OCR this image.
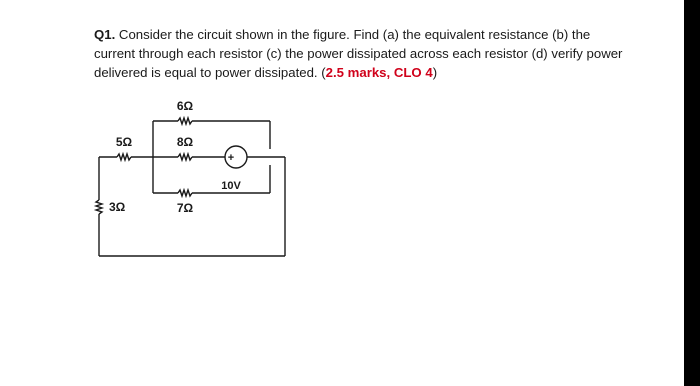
Q1. Consider the circuit shown in the figure. Find (a) the equivalent resistance (b) the current through each resistor (c) the power dissipated across each resistor (d) verify power delivered is equal to power dissipated. (2.5 marks, CLO 4)
6Ω
8Ω
5Ω
3Ω	7Ω
10V
+
